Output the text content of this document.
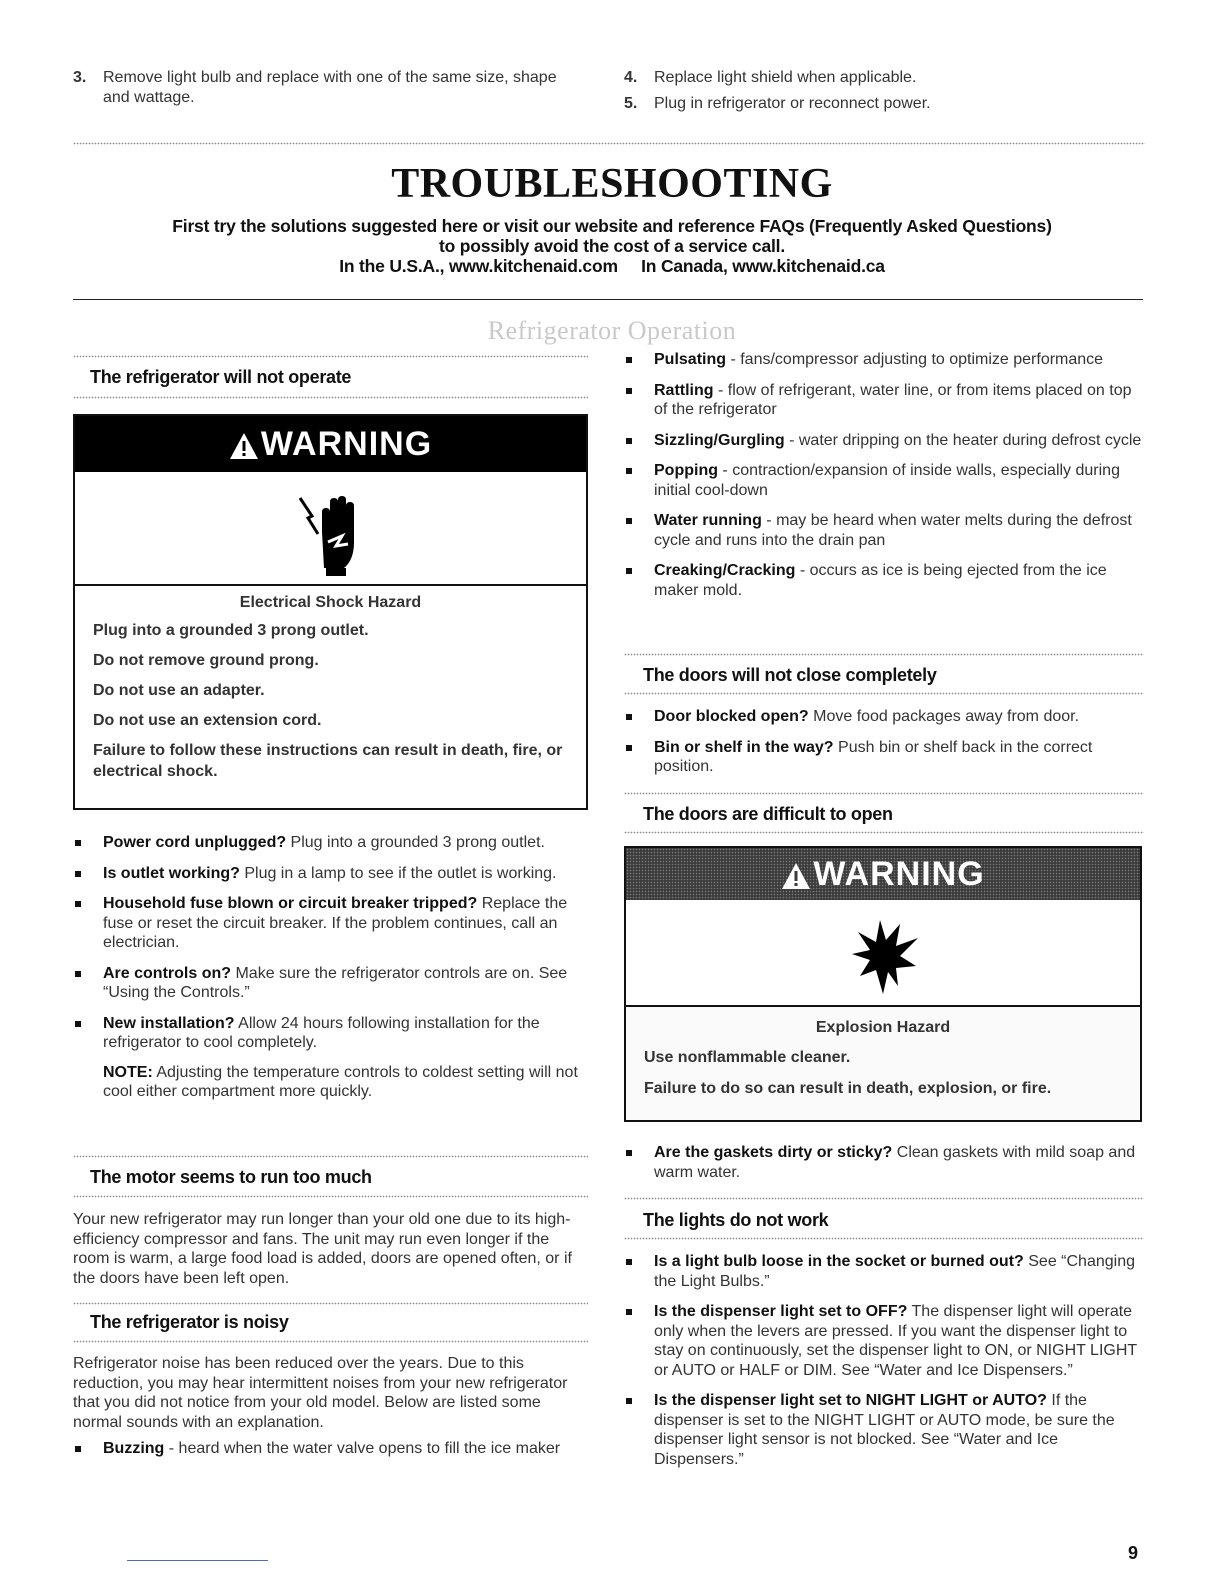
3. Remove light bulb and replace with one of the same size, shape and wattage.
4. Replace light shield when applicable.
5. Plug in refrigerator or reconnect power.
TROUBLESHOOTING
First try the solutions suggested here or visit our website and reference FAQs (Frequently Asked Questions)
to possibly avoid the cost of a service call.
In the U.S.A., www.kitchenaid.com     In Canada, www.kitchenaid.ca
Refrigerator Operation
The refrigerator will not operate
WARNING
Electrical Shock Hazard

Plug into a grounded 3 prong outlet.

Do not remove ground prong.

Do not use an adapter.

Do not use an extension cord.

Failure to follow these instructions can result in death, fire, or electrical shock.

Power cord unplugged? Plug into a grounded 3 prong outlet.
Is outlet working? Plug in a lamp to see if the outlet is working.
Household fuse blown or circuit breaker tripped? Replace the fuse or reset the circuit breaker. If the problem continues, call an electrician.
Are controls on? Make sure the refrigerator controls are on. See “Using the Controls.”
New installation? Allow 24 hours following installation for the refrigerator to cool completely.
NOTE: Adjusting the temperature controls to coldest setting will not cool either compartment more quickly.
The motor seems to run too much
Your new refrigerator may run longer than your old one due to its high-efficiency compressor and fans. The unit may run even longer if the room is warm, a large food load is added, doors are opened often, or if the doors have been left open.
The refrigerator is noisy
Refrigerator noise has been reduced over the years. Due to this reduction, you may hear intermittent noises from your new refrigerator that you did not notice from your old model. Below are listed some normal sounds with an explanation.
Buzzing - heard when the water valve opens to fill the ice maker
Pulsating - fans/compressor adjusting to optimize performance
Rattling - flow of refrigerant, water line, or from items placed on top of the refrigerator
Sizzling/Gurgling - water dripping on the heater during defrost cycle
Popping - contraction/expansion of inside walls, especially during initial cool-down
Water running - may be heard when water melts during the defrost cycle and runs into the drain pan
Creaking/Cracking - occurs as ice is being ejected from the ice maker mold.
The doors will not close completely
Door blocked open? Move food packages away from door.
Bin or shelf in the way? Push bin or shelf back in the correct position.
The doors are difficult to open
WARNING
Explosion Hazard

Use nonflammable cleaner.

Failure to do so can result in death, explosion, or fire.

Are the gaskets dirty or sticky? Clean gaskets with mild soap and warm water.
The lights do not work
Is a light bulb loose in the socket or burned out? See “Changing the Light Bulbs.”
Is the dispenser light set to OFF? The dispenser light will operate only when the levers are pressed. If you want the dispenser light to stay on continuously, set the dispenser light to ON, or NIGHT LIGHT or AUTO or HALF or DIM. See “Water and Ice Dispensers.”
Is the dispenser light set to NIGHT LIGHT or AUTO? If the dispenser is set to the NIGHT LIGHT or AUTO mode, be sure the dispenser light sensor is not blocked. See “Water and Ice Dispensers.”
9
